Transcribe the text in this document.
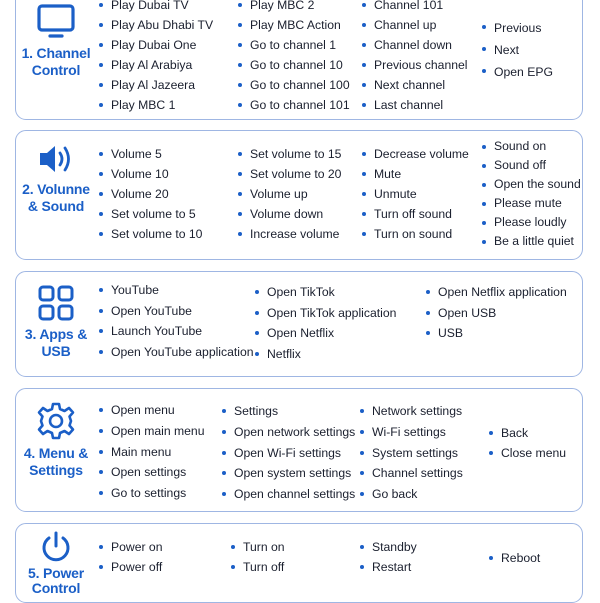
1. Channel
Control
Play Dubai TV
Play Abu Dhabi TV
Play Dubai One
Play Al Arabiya
Play Al Jazeera
Play MBC 1
Play MBC 2
Play MBC Action
Go to channel 1
Go to channel 10
Go to channel 100
Go to channel 101
Channel 101
Channel up
Channel down
Previous channel
Next channel
Last channel
Previous
Next
Open EPG
2. Volunne
& Sound
Volume 5
Volume 10
Volume 20
Set volume to 5
Set volume to 10
Set volume to 15
Set volume to 20
Volume up
Volume down
Increase volume
Decrease volume
Mute
Unmute
Turn off sound
Turn on sound
Sound on
Sound off
Open the sound
Please mute
Please loudly
Be a little quiet
3. Apps &
USB
YouTube
Open YouTube
Launch YouTube
Open YouTube application
Open TikTok
Open TikTok application
Open Netflix
Netflix
Open Netflix application
Open USB
USB
4. Menu &
Settings
Open menu
Open main menu
Main menu
Open settings
Go to settings
Settings
Open network settings
Open Wi-Fi settings
Open system settings
Open channel settings
Network settings
Wi-Fi settings
System settings
Channel settings
Go back
Back
Close menu
5. Power
Control
Power on
Power off
Turn on
Turn off
Standby
Restart
Reboot
